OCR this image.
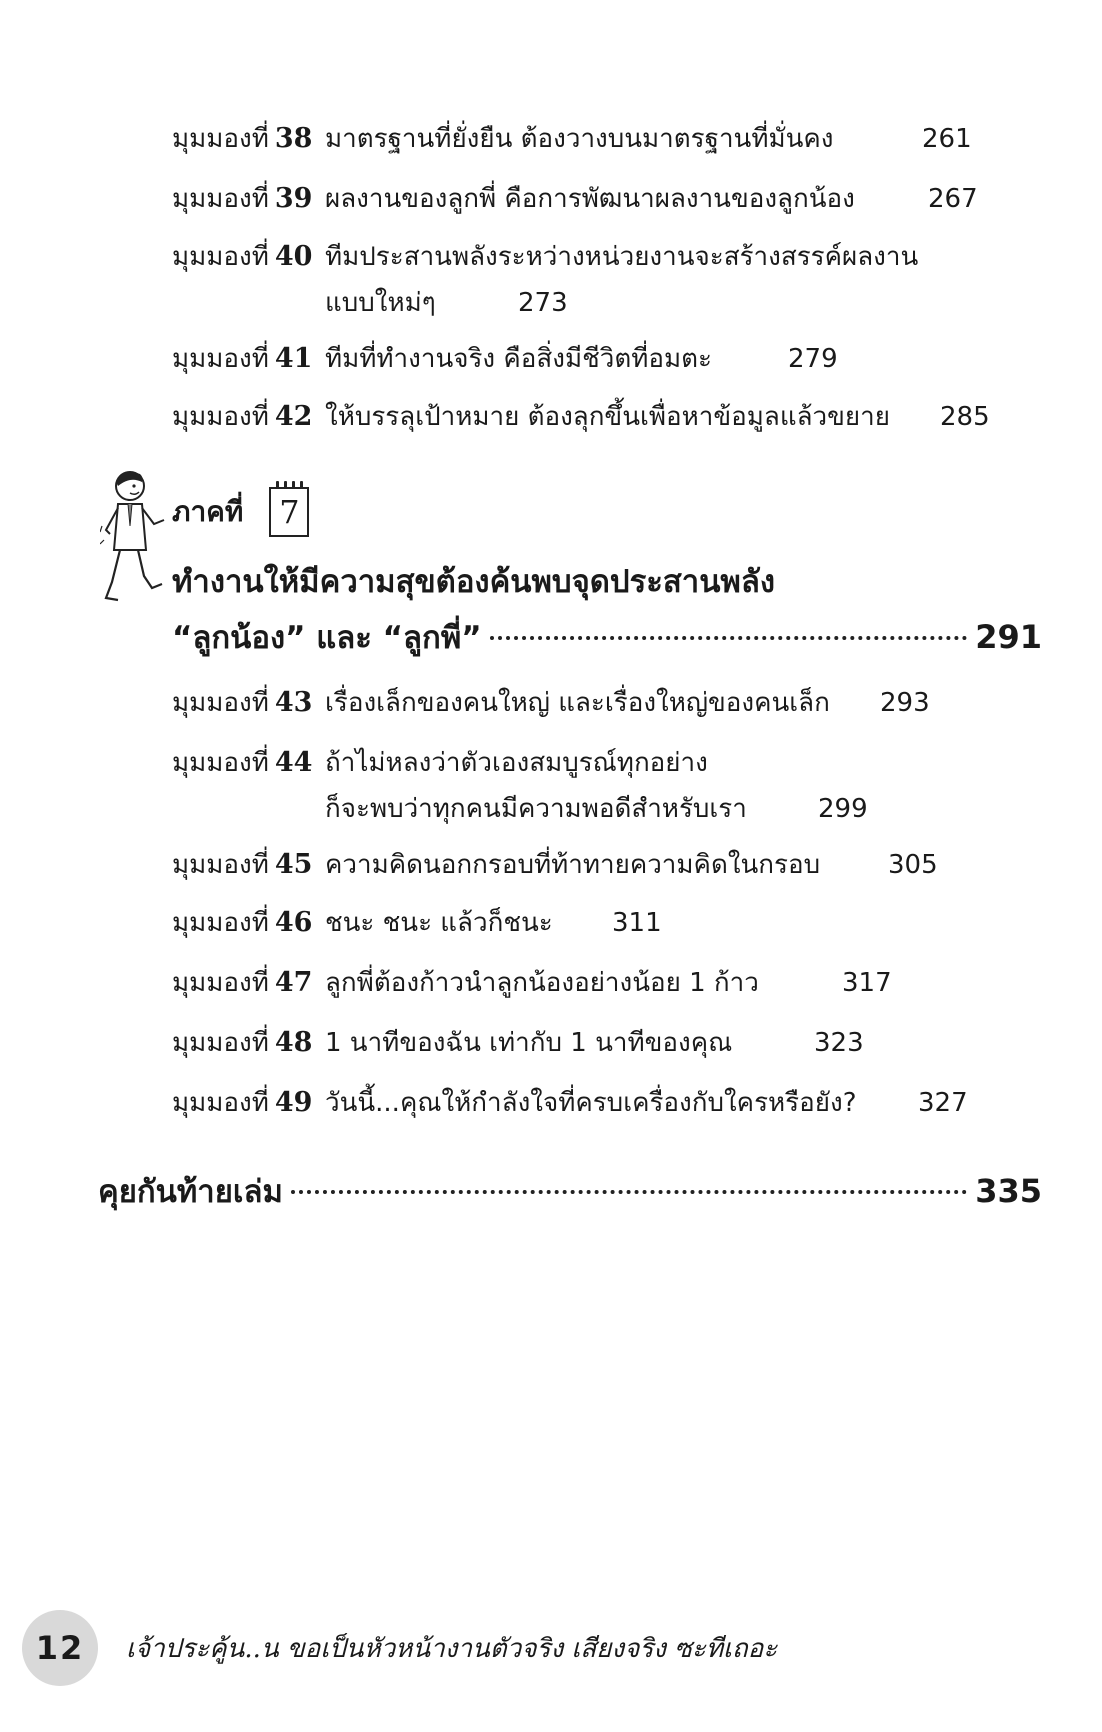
มุมมองที่ 38 มาตรฐานที่ยั่งยืน ต้องวางบนมาตรฐานที่มั่นคง	261
มุมมองที่ 39 ผลงานของลูกพี่ คือการพัฒนาผลงานของลูกน้อง	267
มุมมองที่ 40 ทีมประสานพลังระหว่างหน่วยงานจะสร้างสรรค์ผลงาน
แบบใหม่ๆ	273
มุมมองที่ 41 ทีมที่ทำงานจริง คือสิ่งมีชีวิตที่อมตะ	279
มุมมองที่ 42 ให้บรรลุเป้าหมาย ต้องลุกขึ้นเพื่อหาข้อมูลแล้วขยาย 285
ภาคที่ 7
ทำงานให้มีความสุขต้องค้นพบจุดประสานพลัง
“ลูกน้อง” และ “ลูกพี่”	291
มุมมองที่ 43 เรื่องเล็กของคนใหญ่ และเรื่องใหญ่ของคนเล็ก 293
มุมมองที่ 44 ถ้าไม่หลงว่าตัวเองสมบูรณ์ทุกอย่าง
ก็จะพบว่าทุกคนมีความพอดีสำหรับเรา	299
มุมมองที่ 45 ความคิดนอกกรอบที่ท้าทายความคิดในกรอบ	305
มุมมองที่ 46 ชนะ ชนะ แล้วก็ชนะ 311
มุมมองที่ 47 ลูกพี่ต้องก้าวนำลูกน้องอย่างน้อย 1 ก้าว	317
มุมมองที่ 48 1 นาทีของฉัน เท่ากับ 1 นาทีของคุณ	323
มุมมองที่ 49 วันนี้...คุณให้กำลังใจที่ครบเครื่องกับใครหรือยัง? 327
คุยกันท้ายเล่ม	335
12	เจ้าประคู้น..น ขอเป็นหัวหน้างานตัวจริง เสียงจริง ซะทีเถอะ
